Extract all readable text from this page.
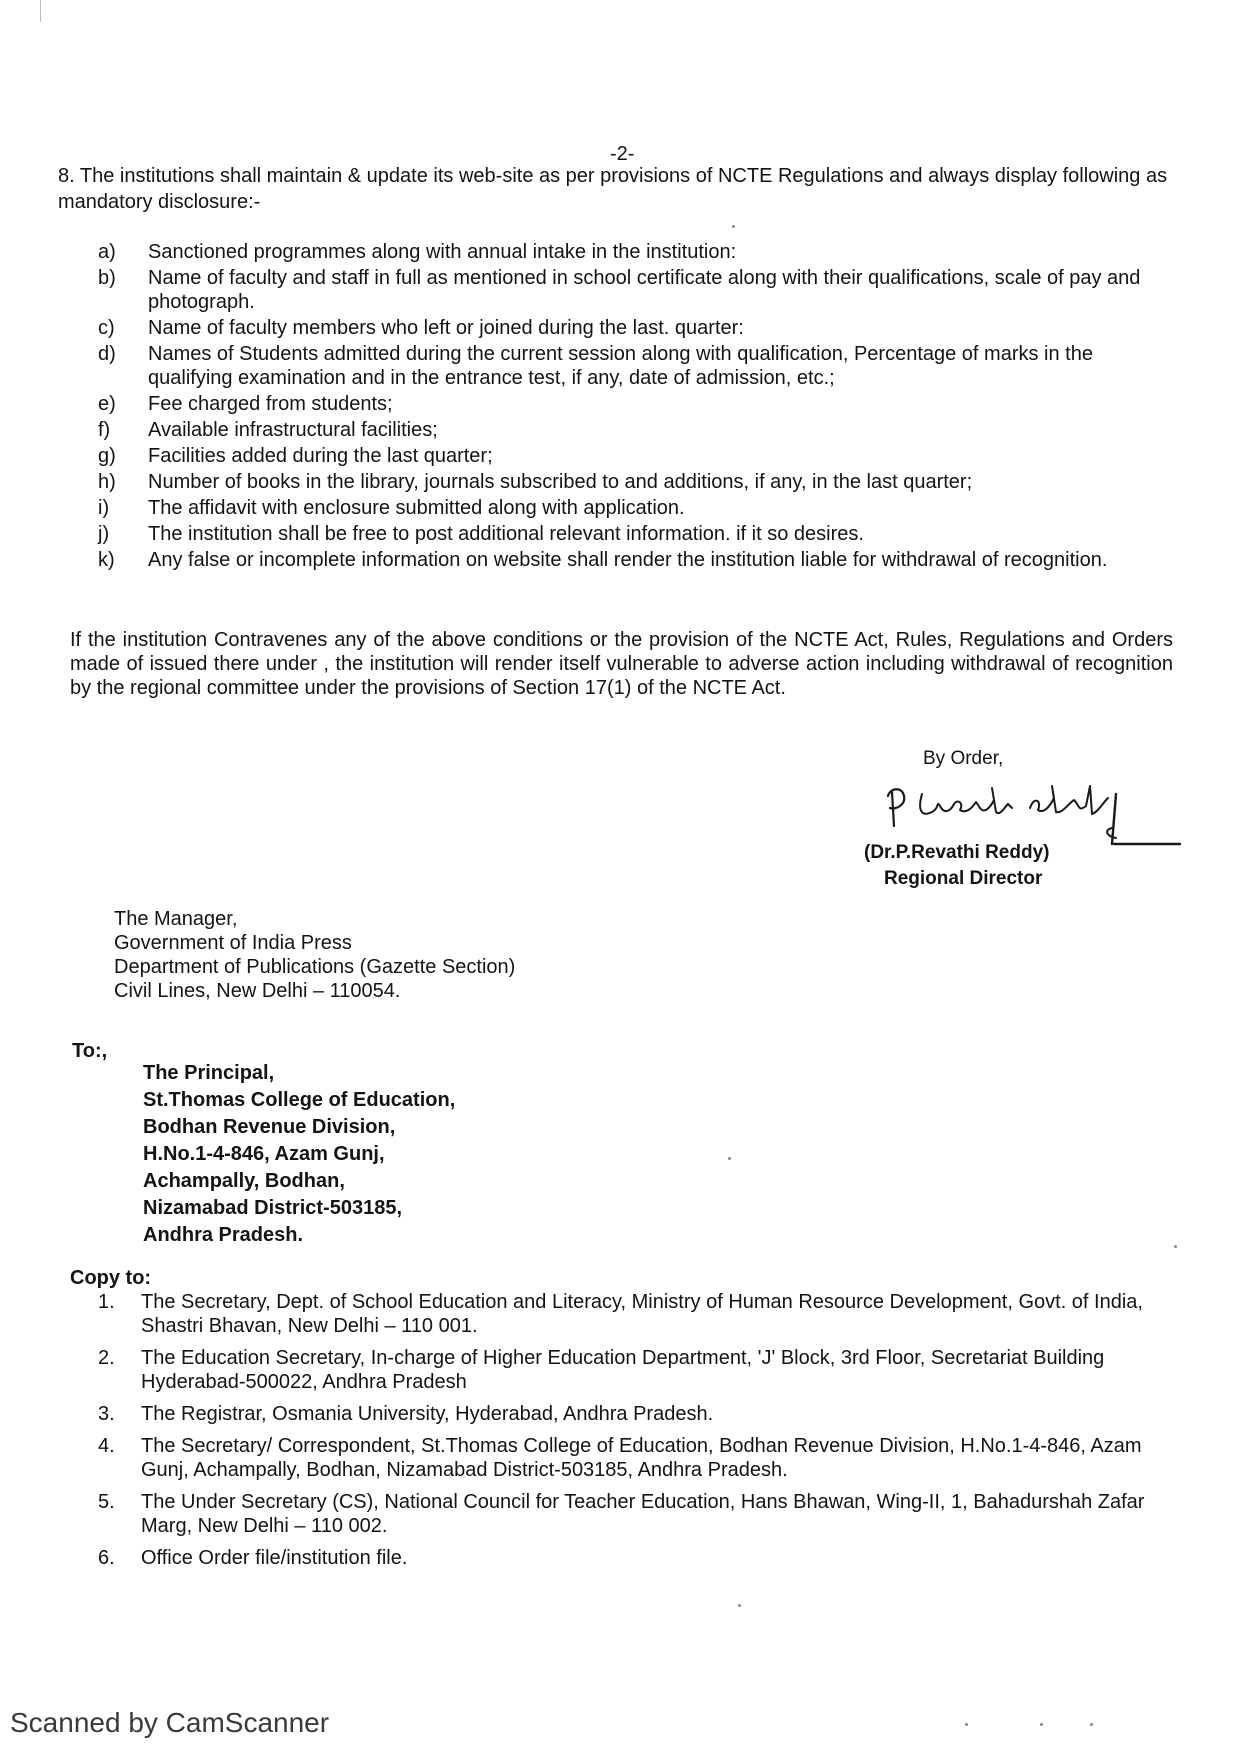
-2-
8. The institutions shall maintain & update its web-site as per provisions of NCTE Regulations and always display following as mandatory disclosure:-
a)	Sanctioned programmes along with annual intake in the institution:
b)	Name of faculty and staff in full as mentioned in school certificate along with their qualifications, scale of pay and photograph.
c)	Name of faculty members who left or joined during the last. quarter:
d)	Names of Students admitted during the current session along with qualification, Percentage of marks in the qualifying examination and in the entrance test, if any, date of admission, etc.;
e)	Fee charged from students;
f)	Available infrastructural facilities;
g)	Facilities added during the last quarter;
h)	Number of books in the library, journals subscribed to and additions, if any, in the last quarter;
i)	The affidavit with enclosure submitted along with application.
j)	The institution shall be free to post additional relevant information. if it so desires.
k)	Any false or incomplete information on website shall render the institution liable for withdrawal of recognition.
If the institution Contravenes any of the above conditions or the provision of the NCTE Act, Rules, Regulations and Orders made of issued there under , the institution will render itself vulnerable to adverse action including withdrawal of recognition by the regional committee under the provisions of Section 17(1) of the NCTE Act.
By Order,
(Dr.P.Revathi Reddy)
Regional Director
The Manager,
Government of India Press
Department of Publications (Gazette Section)
Civil Lines, New Delhi – 110054.
To:,
The Principal,
St.Thomas College of Education,
Bodhan Revenue Division,
H.No.1-4-846, Azam Gunj,
Achampally, Bodhan,
Nizamabad District-503185,
Andhra Pradesh.
Copy to:
1.	The Secretary, Dept. of School Education and Literacy, Ministry of Human Resource Development, Govt. of India, Shastri Bhavan, New Delhi – 110 001.
2.	The Education Secretary, In-charge of Higher Education Department, 'J' Block, 3rd Floor, Secretariat Building Hyderabad-500022, Andhra Pradesh
3.	The Registrar, Osmania University, Hyderabad, Andhra Pradesh.
4.	The Secretary/ Correspondent, St.Thomas College of Education, Bodhan Revenue Division, H.No.1-4-846, Azam Gunj, Achampally, Bodhan, Nizamabad District-503185, Andhra Pradesh.
5.	The Under Secretary (CS), National Council for Teacher Education, Hans Bhawan, Wing-II, 1, Bahadurshah Zafar Marg, New Delhi – 110 002.
6.	Office Order file/institution file.
Scanned by CamScanner
